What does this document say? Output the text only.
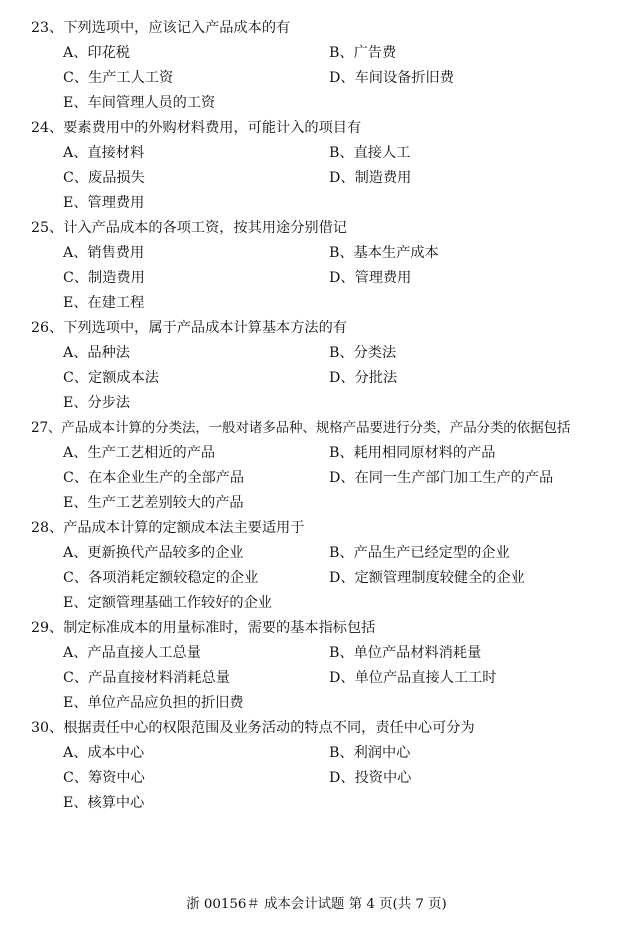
23、下列选项中，应该记入产品成本的有
A、印花税	B、广告费
C、生产工人工资	D、车间设备折旧费
E、车间管理人员的工资
24、要素费用中的外购材料费用，可能计入的项目有
A、直接材料	B、直接人工
C、废品损失	D、制造费用
E、管理费用
25、计入产品成本的各项工资，按其用途分别借记
A、销售费用	B、基本生产成本
C、制造费用	D、管理费用
E、在建工程
26、下列选项中，属于产品成本计算基本方法的有
A、品种法	B、分类法
C、定额成本法	D、分批法
E、分步法
27、产品成本计算的分类法，一般对诸多品种、规格产品要进行分类，产品分类的依据包括
A、生产工艺相近的产品	B、耗用相同原材料的产品
C、在本企业生产的全部产品	D、在同一生产部门加工生产的产品
E、生产工艺差别较大的产品
28、产品成本计算的定额成本法主要适用于
A、更新换代产品较多的企业	B、产品生产已经定型的企业
C、各项消耗定额较稳定的企业	D、定额管理制度较健全的企业
E、定额管理基础工作较好的企业
29、制定标准成本的用量标准时，需要的基本指标包括
A、产品直接人工总量	B、单位产品材料消耗量
C、产品直接材料消耗总量	D、单位产品直接人工工时
E、单位产品应负担的折旧费
30、根据责任中心的权限范围及业务活动的特点不同，责任中心可分为
A、成本中心	B、利润中心
C、筹资中心	D、投资中心
E、核算中心
浙 00156＃ 成本会计试题 第 4 页(共 7 页)
